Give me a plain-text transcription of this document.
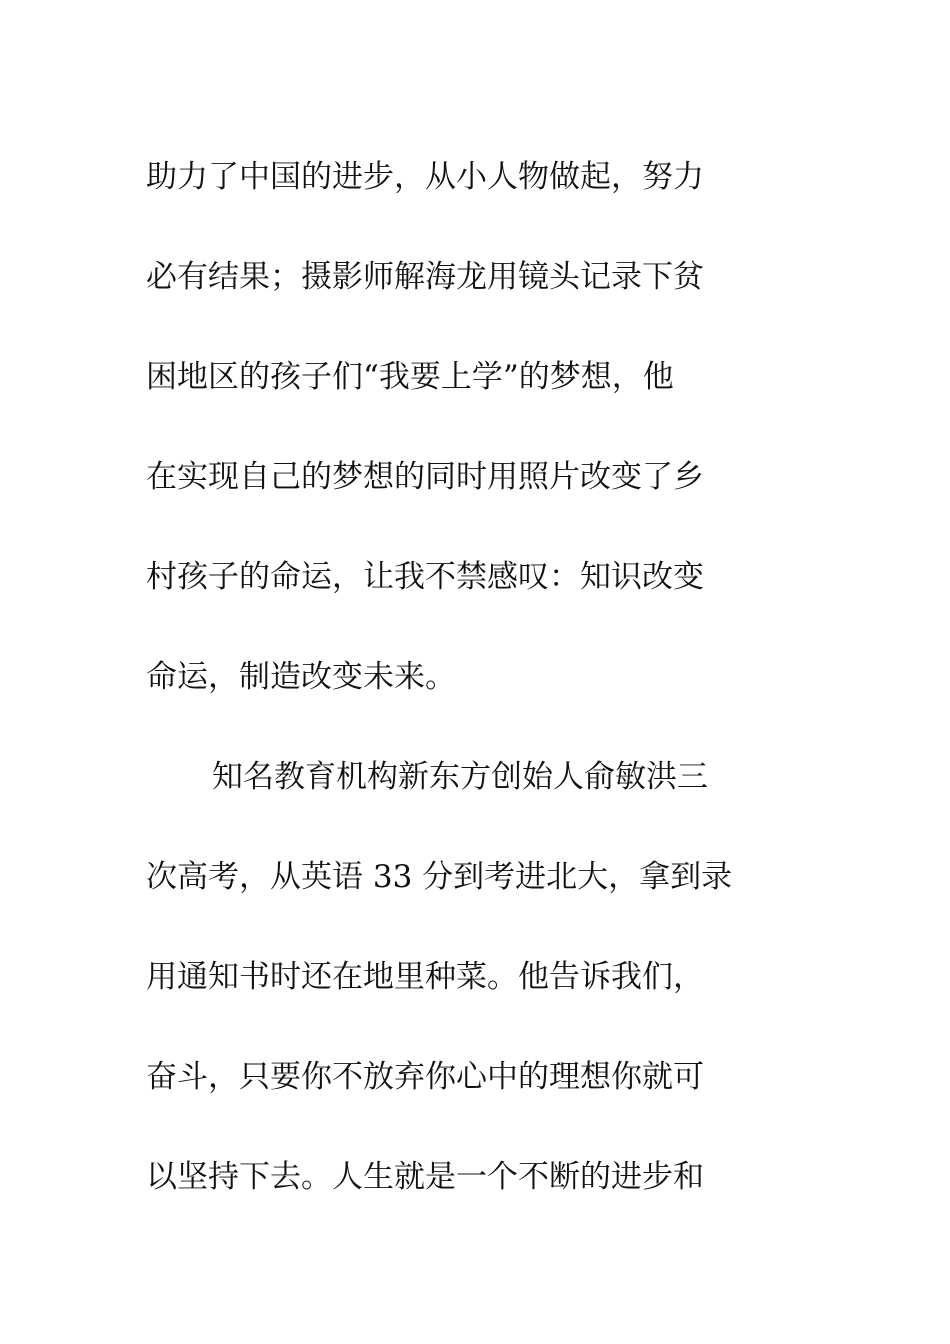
助力了中国的进步，从小人物做起，努力
必有结果；摄影师解海龙用镜头记录下贫
困地区的孩子们“我要上学”的梦想，他
在实现自己的梦想的同时用照片改变了乡
村孩子的命运，让我不禁感叹：知识改变
命运，制造改变未来。
知名教育机构新东方创始人俞敏洪三
次高考，从英语 33 分到考进北大，拿到录
用通知书时还在地里种菜。他告诉我们，
奋斗，只要你不放弃你心中的理想你就可
以坚持下去。人生就是一个不断的进步和
